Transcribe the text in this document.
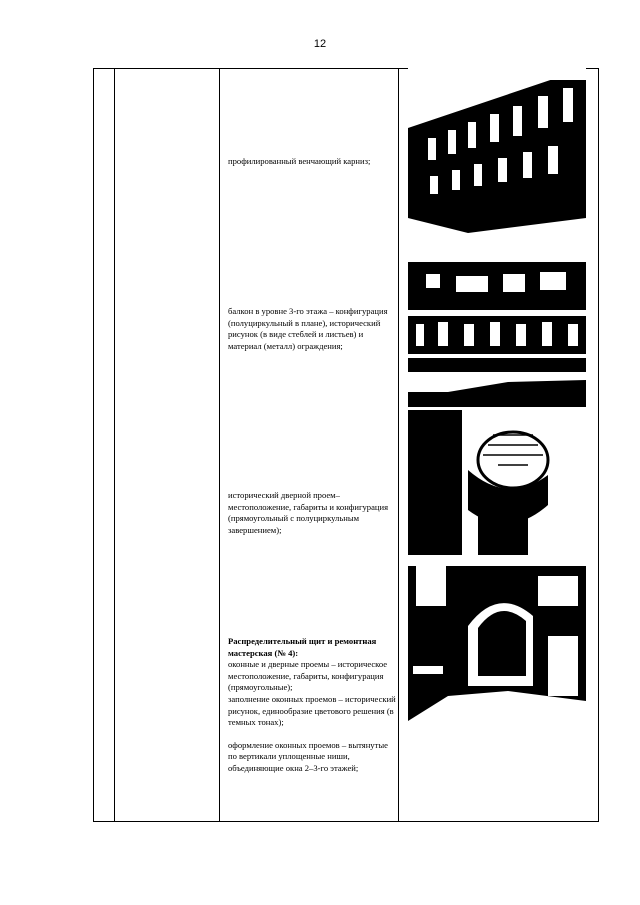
12

профилированный венчающий карниз;

балкон в уровне 3-го этажа – конфигурация (полуциркульный в плане), исторический рисунок (в виде стеблей и листьев) и материал (металл) ограждения;

исторический дверной проем– местоположение, габариты и конфигурация (прямоугольный с полуциркульным завершением);

Распределительный щит и ремонтная мастерская (№ 4):

оконные и дверные проемы – историческое местоположение, габариты, конфигурация (прямоугольные);

заполнение оконных проемов – исторический рисунок, единообразие цветового решения (в темных тонах);

оформление оконных проемов – вытянутые по вертикали уплощенные ниши, объединяющие окна 2–3-го этажей;
